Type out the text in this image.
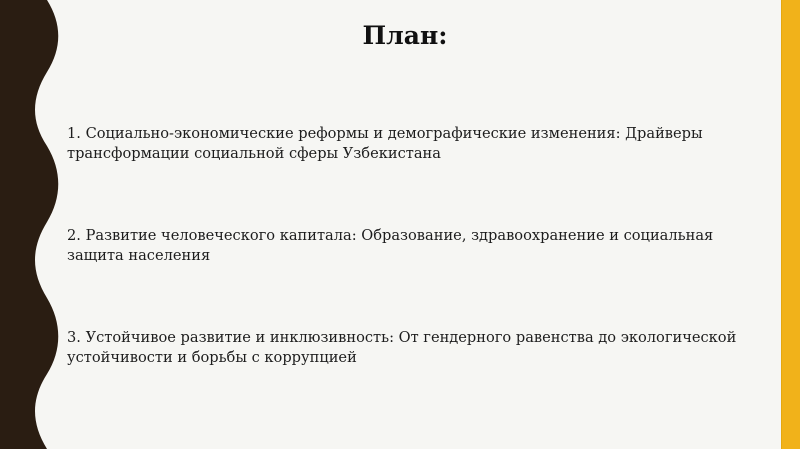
План:

1. Социально-экономические реформы и демографические изменения: Драйверы трансформации социальной сферы Узбекистана

2. Развитие человеческого капитала: Образование, здравоохранение и социальная защита населения

3. Устойчивое развитие и инклюзивность: От гендерного равенства до экологической устойчивости и борьбы с коррупцией
